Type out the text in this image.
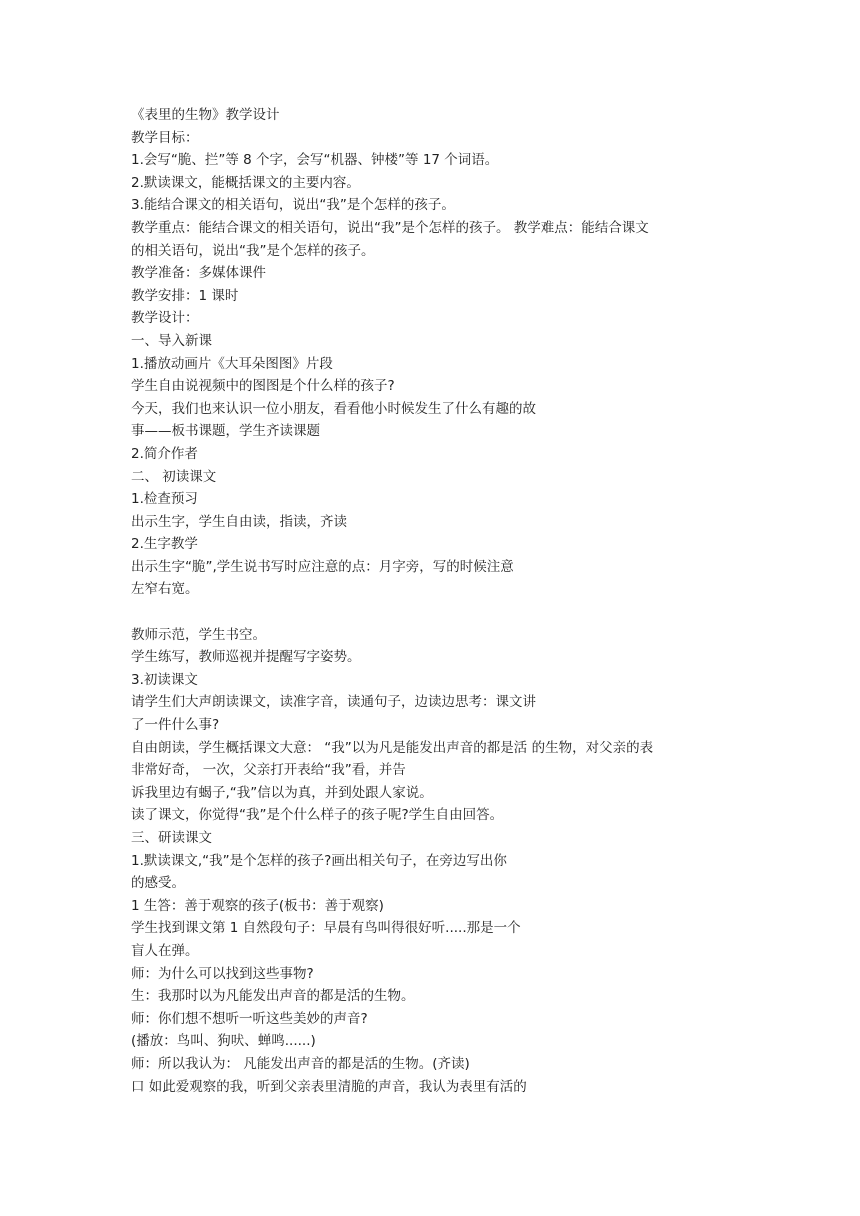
《表里的生物》教学设计
教学目标：
1.会写“脆、拦”等 8 个字，会写“机器、钟楼”等 17 个词语。
2.默读课文，能概括课文的主要内容。
3.能结合课文的相关语句，说出“我”是个怎样的孩子。
教学重点：能结合课文的相关语句，说出“我”是个怎样的孩子。 教学难点：能结合课文
的相关语句，说出“我”是个怎样的孩子。
教学准备：多媒体课件
教学安排：1 课时
教学设计：
一、导入新课
1.播放动画片《大耳朵图图》片段
学生自由说视频中的图图是个什么样的孩子?
今天，我们也来认识一位小朋友，看看他小时候发生了什么有趣的故
事——板书课题，学生齐读课题
2.简介作者
二、 初读课文
1.检查预习
出示生字，学生自由读，指读，齐读
2.生字教学
出示生字“脆”,学生说书写时应注意的点：月字旁，写的时候注意
左窄右宽。
教师示范，学生书空。
学生练写，教师巡视并提醒写字姿势。
3.初读课文
请学生们大声朗读课文，读准字音，读通句子，边读边思考：课文讲
了一件什么事?
自由朗读，学生概括课文大意： “我”以为凡是能发出声音的都是活 的生物，对父亲的表
非常好奇， 一次，父亲打开表给“我”看，并告
诉我里边有蝎子,“我”信以为真，并到处跟人家说。
读了课文，你觉得“我”是个什么样子的孩子呢?学生自由回答。
三、研读课文
1.默读课文,“我”是个怎样的孩子?画出相关句子，在旁边写出你
的感受。
1 生答：善于观察的孩子(板书：善于观察)
学生找到课文第 1 自然段句子：早晨有鸟叫得很好听.....那是一个
盲人在弹。
师：为什么可以找到这些事物?
生：我那时以为凡能发出声音的都是活的生物。
师：你们想不想听一听这些美妙的声音?
(播放：鸟叫、狗吠、蝉鸣......)
师：所以我认为： 凡能发出声音的都是活的生物。(齐读)
口 如此爱观察的我，听到父亲表里清脆的声音，我认为表里有活的
